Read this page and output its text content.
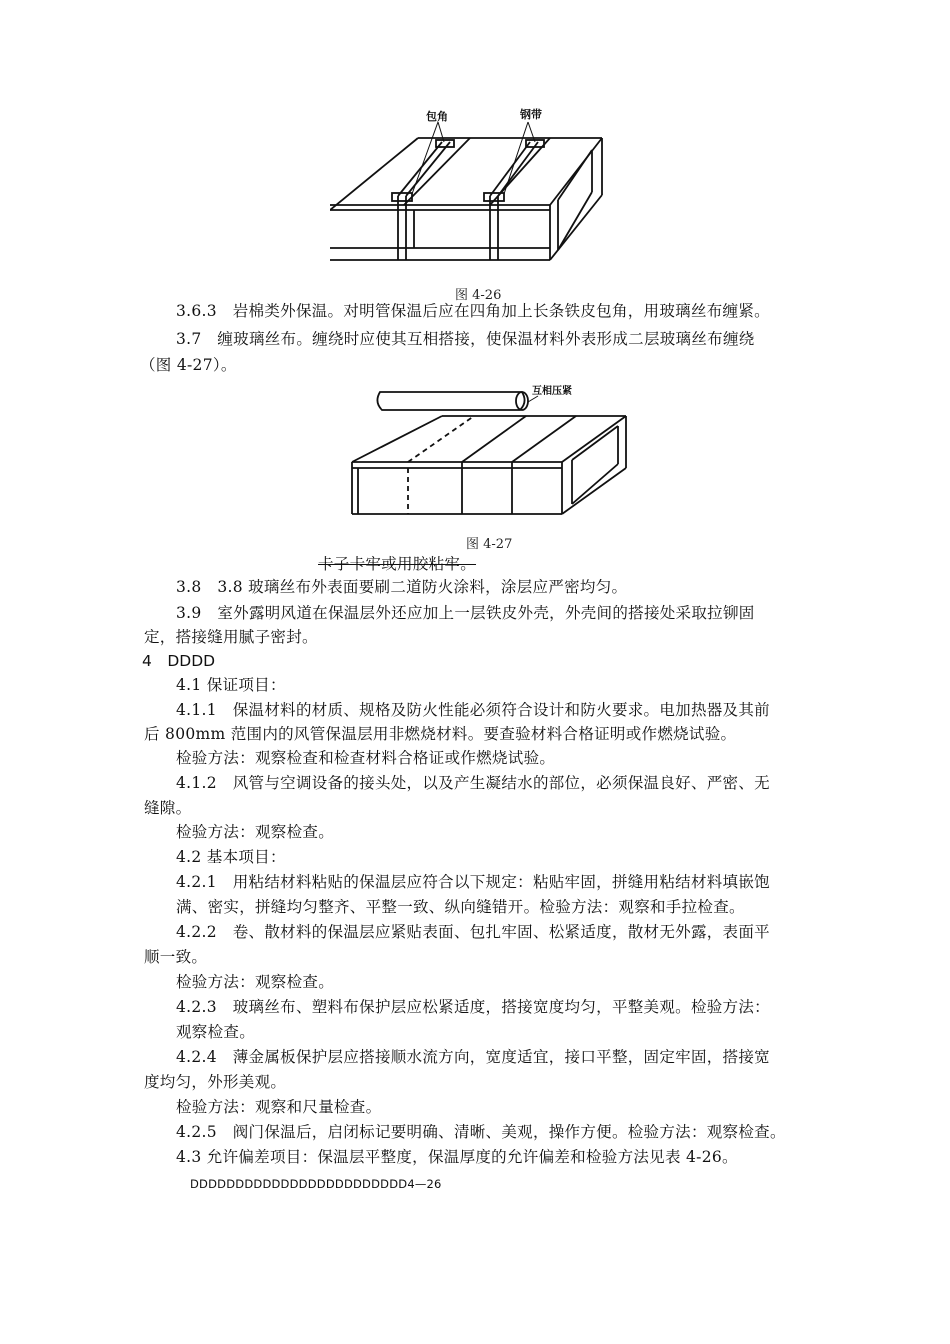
包角	钢带
图 4-26
3.6.3　岩棉类外保温。对明管保温后应在四角加上长条铁皮包角，用玻璃丝布缠紧。
3.7　缠玻璃丝布。缠绕时应使其互相搭接，使保温材料外表形成二层玻璃丝布缠绕
（图 4-27）。
互相压紧
图 4-27
卡子卡牢或用胶粘牢。
3.8　3.8 玻璃丝布外表面要刷二道防火涂料，涂层应严密均匀。
3.9　室外露明风道在保温层外还应加上一层铁皮外壳，外壳间的搭接处采取拉铆固
定，搭接缝用腻子密封。
4　DDDD
4.1 保证项目：
4.1.1　保温材料的材质、规格及防火性能必须符合设计和防火要求。电加热器及其前
后 800mm 范围内的风管保温层用非燃烧材料。要查验材料合格证明或作燃烧试验。
检验方法：观察检查和检查材料合格证或作燃烧试验。
4.1.2　风管与空调设备的接头处，以及产生凝结水的部位，必须保温良好、严密、无
缝隙。
检验方法：观察检查。
4.2 基本项目：
4.2.1　用粘结材料粘贴的保温层应符合以下规定：粘贴牢固，拼缝用粘结材料填嵌饱
满、密实，拼缝均匀整齐、平整一致、纵向缝错开。检验方法：观察和手拉检查。
4.2.2　卷、散材料的保温层应紧贴表面、包扎牢固、松紧适度，散材无外露，表面平
顺一致。
检验方法：观察检查。
4.2.3　玻璃丝布、塑料布保护层应松紧适度，搭接宽度均匀，平整美观。检验方法：
观察检查。
4.2.4　薄金属板保护层应搭接顺水流方向，宽度适宜，接口平整，固定牢固，搭接宽
度均匀，外形美观。
检验方法：观察和尺量检查。
4.2.5　阀门保温后，启闭标记要明确、清晰、美观，操作方便。检验方法：观察检查。
4.3 允许偏差项目：保温层平整度，保温厚度的允许偏差和检验方法见表 4-26。
DDDDDDDDDDDDDDDDDDDDDDDD4—26
